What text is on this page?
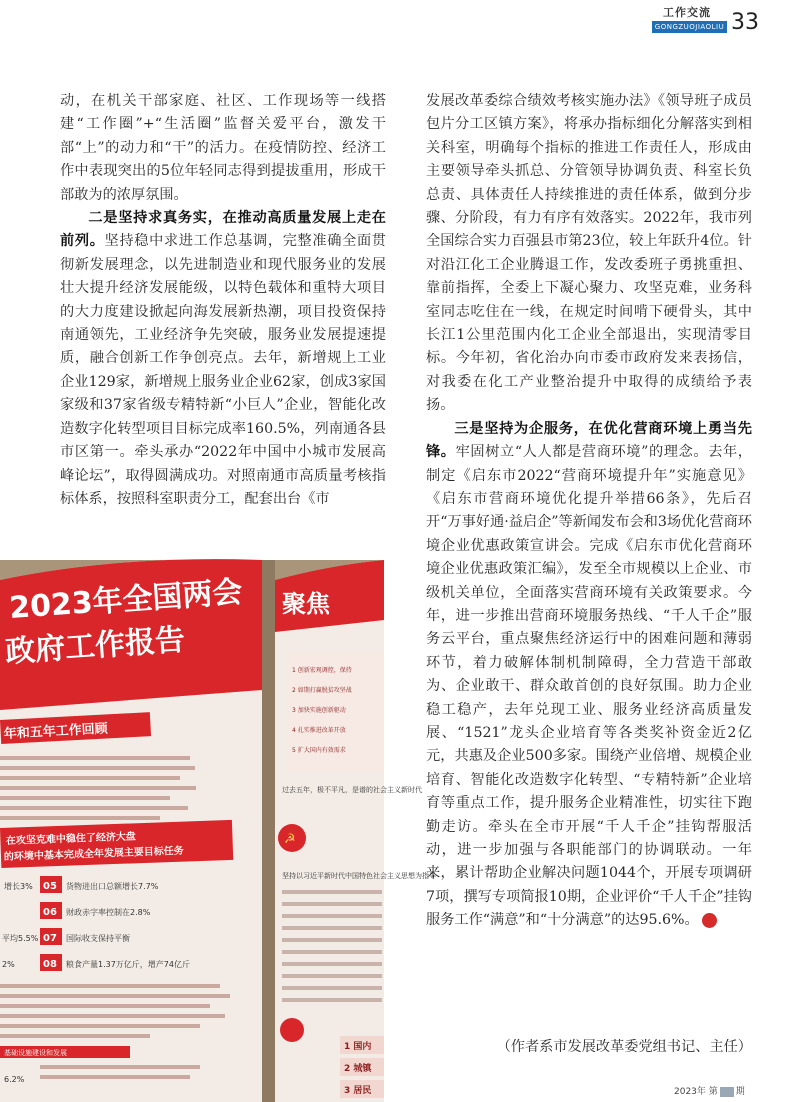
工作交流
GONGZUOJIAOLIU 33

动，在机关干部家庭、社区、工作现场等一线搭建“工作圈”+“生活圈”监督关爱平台，激发干部“上”的动力和“干”的活力。在疫情防控、经济工作中表现突出的5位年轻同志得到提拔重用，形成干部敢为的浓厚氛围。

二是坚持求真务实，在推动高质量发展上走在前列。坚持稳中求进工作总基调，完整准确全面贯彻新发展理念，以先进制造业和现代服务业的发展壮大提升经济发展能级，以特色载体和重特大项目的大力度建设掀起向海发展新热潮，项目投资保持南通领先，工业经济争先突破，服务业发展提速提质，融合创新工作争创亮点。去年，新增规上工业企业129家，新增规上服务业企业62家，创成3家国家级和37家省级专精特新“小巨人”企业，智能化改造数字化转型项目目标完成率160.5%，列南通各县市区第一。牵头承办“2022年中国中小城市发展高峰论坛”，取得圆满成功。对照南通市高质量考核指标体系，按照科室职责分工，配套出台《市

发展改革委综合绩效考核实施办法》《领导班子成员包片分工区镇方案》，将承办指标细化分解落实到相关科室，明确每个指标的推进工作责任人，形成由主要领导牵头抓总、分管领导协调负责、科室长负总责、具体责任人持续推进的责任体系，做到分步骤、分阶段，有力有序有效落实。2022年，我市列全国综合实力百强县市第23位，较上年跃升4位。针对沿江化工企业腾退工作，发改委班子勇挑重担、靠前指挥，全委上下凝心聚力、攻坚克难，业务科室同志吃住在一线，在规定时间啃下硬骨头，其中长江1公里范围内化工企业全部退出，实现清零目标。今年初，省化治办向市委市政府发来表扬信，对我委在化工产业整治提升中取得的成绩给予表扬。

三是坚持为企服务，在优化营商环境上勇当先锋。牢固树立“人人都是营商环境”的理念。去年，制定《启东市2022“营商环境提升年”实施意见》《启东市营商环境优化提升举措66条》，先后召开“万事好通·益启企”等新闻发布会和3场优化营商环境企业优惠政策宣讲会。完成《启东市优化营商环境企业优惠政策汇编》，发至全市规模以上企业、市级机关单位，全面落实营商环境有关政策要求。今年，进一步推出营商环境服务热线、“千人千企”服务云平台，重点聚焦经济运行中的困难问题和薄弱环节，着力破解体制机制障碍，全力营造干部敢为、企业敢干、群众敢首创的良好氛围。助力企业稳工稳产，去年兑现工业、服务业经济高质量发展、“1521”龙头企业培育等各类奖补资金近2亿元，共惠及企业500多家。围绕产业倍增、规模企业培育、智能化改造数字化转型、“专精特新”企业培育等重点工作，提升服务企业精准性，切实往下跑勤走访。牵头在全市开展“千人千企”挂钩帮服活动，进一步加强与各职能部门的协调联动。一年来，累计帮助企业解决问题1044个，开展专项调研7项，撰写专项简报10期，企业评价“千人千企”挂钩服务工作“满意”和“十分满意”的达95.6%。	启

（作者系市发展改革委党组书记、主任）
2023年 第 期
2023年全国两会
政府工作报告
年和五年工作回顾
在攻坚克难中稳住了经济大盘
的环境中基本完成全年发展主要目标任务
05 货物进出口总额增长7.7%
增长3%
06 财政赤字率控制在2.8%
07 国际收支保持平衡
平均5.5%
08 粮食产量1.37万亿斤，增产74亿斤
2%
基础设施建设和发展
6.2%
聚焦
1 创新宏观调控，保持
2 如期打赢脱贫攻坚战
3 加快实施创新驱动
4 扎实推进改革开放
5 扩大国内有效需求
过去五年，极不平凡，是谱的社会主义新时代
☭
坚持以习近平新时代中国特色社会主义思想为指导
1 国内
2 城镇
3 居民
